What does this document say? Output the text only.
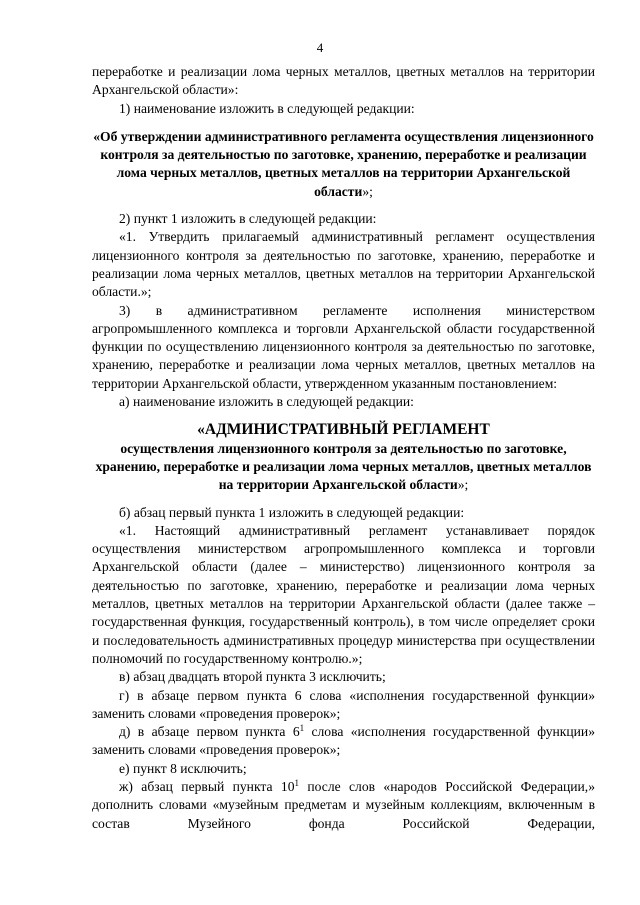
4

переработке и реализации лома черных металлов, цветных металлов на территории Архангельской области»:

1) наименование изложить в следующей редакции:

«Об утверждении административного регламента осуществления лицензионного контроля за деятельностью по заготовке, хранению, переработке и реализации лома черных металлов, цветных металлов на территории Архангельской области»;

2) пункт 1 изложить в следующей редакции:

«1. Утвердить прилагаемый административный регламент осуществления лицензионного контроля за деятельностью по заготовке, хранению, переработке и реализации лома черных металлов, цветных металлов на территории Архангельской области.»;

3) в административном регламенте исполнения министерством агропромышленного комплекса и торговли Архангельской области государственной функции по осуществлению лицензионного контроля за деятельностью по заготовке, хранению, переработке и реализации лома черных металлов, цветных металлов на территории Архангельской области, утвержденном указанным постановлением:

а) наименование изложить в следующей редакции:

«АДМИНИСТРАТИВНЫЙ РЕГЛАМЕНТ
осуществления лицензионного контроля за деятельностью по заготовке, хранению, переработке и реализации лома черных металлов, цветных металлов на территории Архангельской области»;

б) абзац первый пункта 1 изложить в следующей редакции:

«1. Настоящий административный регламент устанавливает порядок осуществления министерством агропромышленного комплекса и торговли Архангельской области (далее – министерство) лицензионного контроля за деятельностью по заготовке, хранению, переработке и реализации лома черных металлов, цветных металлов на территории Архангельской области (далее также – государственная функция, государственный контроль), в том числе определяет сроки и последовательность административных процедур министерства при осуществлении полномочий по государственному контролю.»;

в) абзац двадцать второй пункта 3 исключить;

г) в абзаце первом пункта 6 слова «исполнения государственной функции» заменить словами «проведения проверок»;

д) в абзаце первом пункта $6^1$ слова «исполнения государственной функции» заменить словами «проведения проверок»;

е) пункт 8 исключить;

ж) абзац первый пункта $10^1$ после слов «народов Российской Федерации,» дополнить словами «музейным предметам и музейным коллекциям, включенным в состав Музейного фонда Российской Федерации,
